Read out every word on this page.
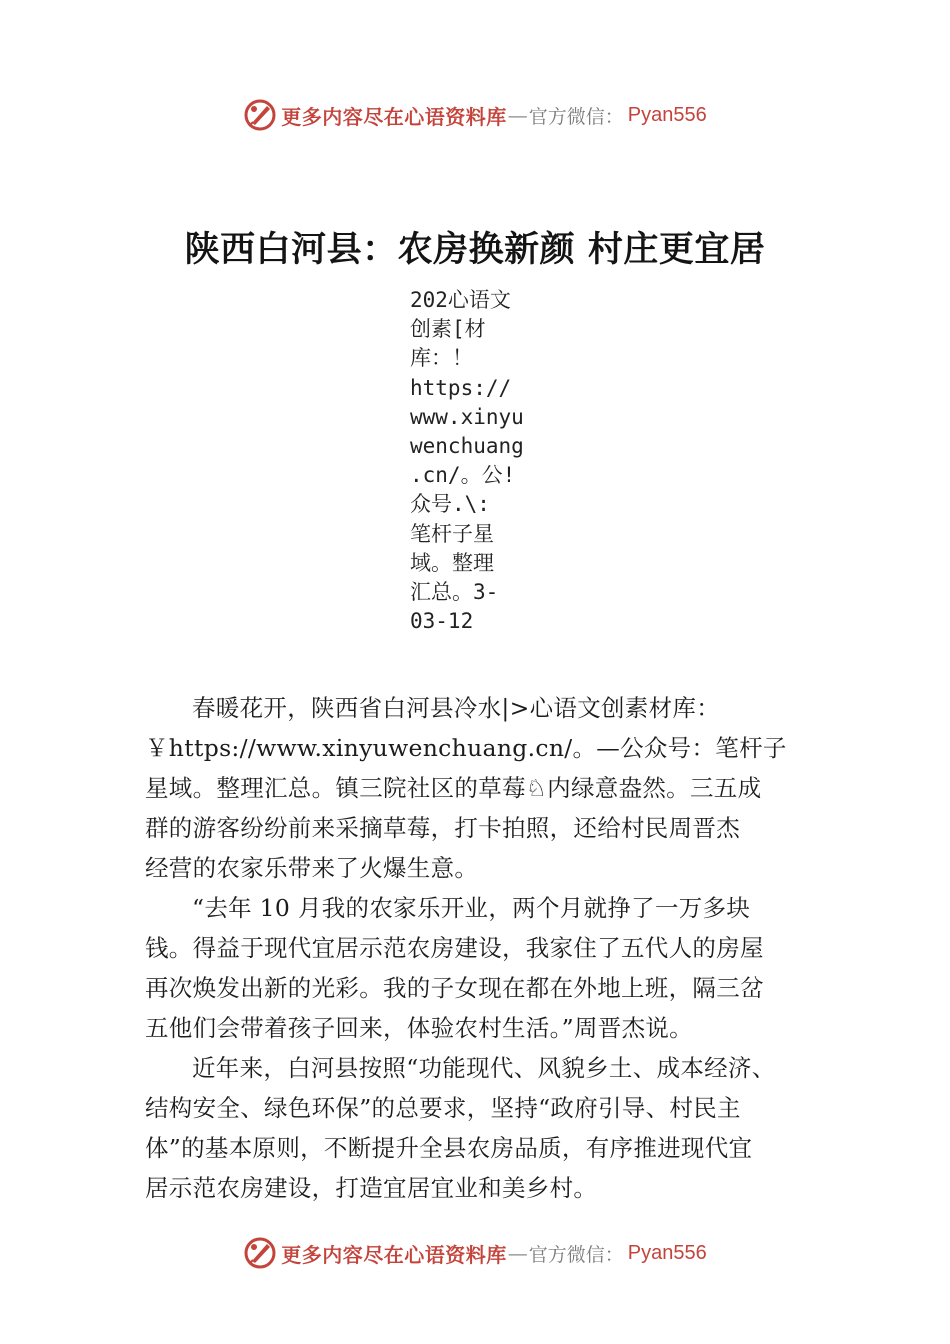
更多内容尽在心语资料库 — 官方微信： Pyan556
陕西白河县：农房换新颜 村庄更宜居
202心语文
创素[材
库：！
https://
www.xinyu
wenchuang
.cn/。公!
众号.\:
笔杆子星
域。整理
汇总。3-
03-12

春暖花开，陕西省白河县冷水|>心语文创素材库：
￥https://www.xinyuwenchuang.cn/。—公众号：笔杆子
星域。整理汇总。镇三院社区的草莓♘内绿意盎然。三五成
群的游客纷纷前来采摘草莓，打卡拍照，还给村民周晋杰
经营的农家乐带来了火爆生意。

“去年 10 月我的农家乐开业，两个月就挣了一万多块
钱。得益于现代宜居示范农房建设，我家住了五代人的房屋
再次焕发出新的光彩。我的子女现在都在外地上班，隔三岔
五他们会带着孩子回来，体验农村生活。”周晋杰说。

近年来，白河县按照“功能现代、风貌乡土、成本经济、
结构安全、绿色环保”的总要求，坚持“政府引导、村民主
体”的基本原则，不断提升全县农房品质，有序推进现代宜
居示范农房建设，打造宜居宜业和美乡村。

更多内容尽在心语资料库 — 官方微信： Pyan556
